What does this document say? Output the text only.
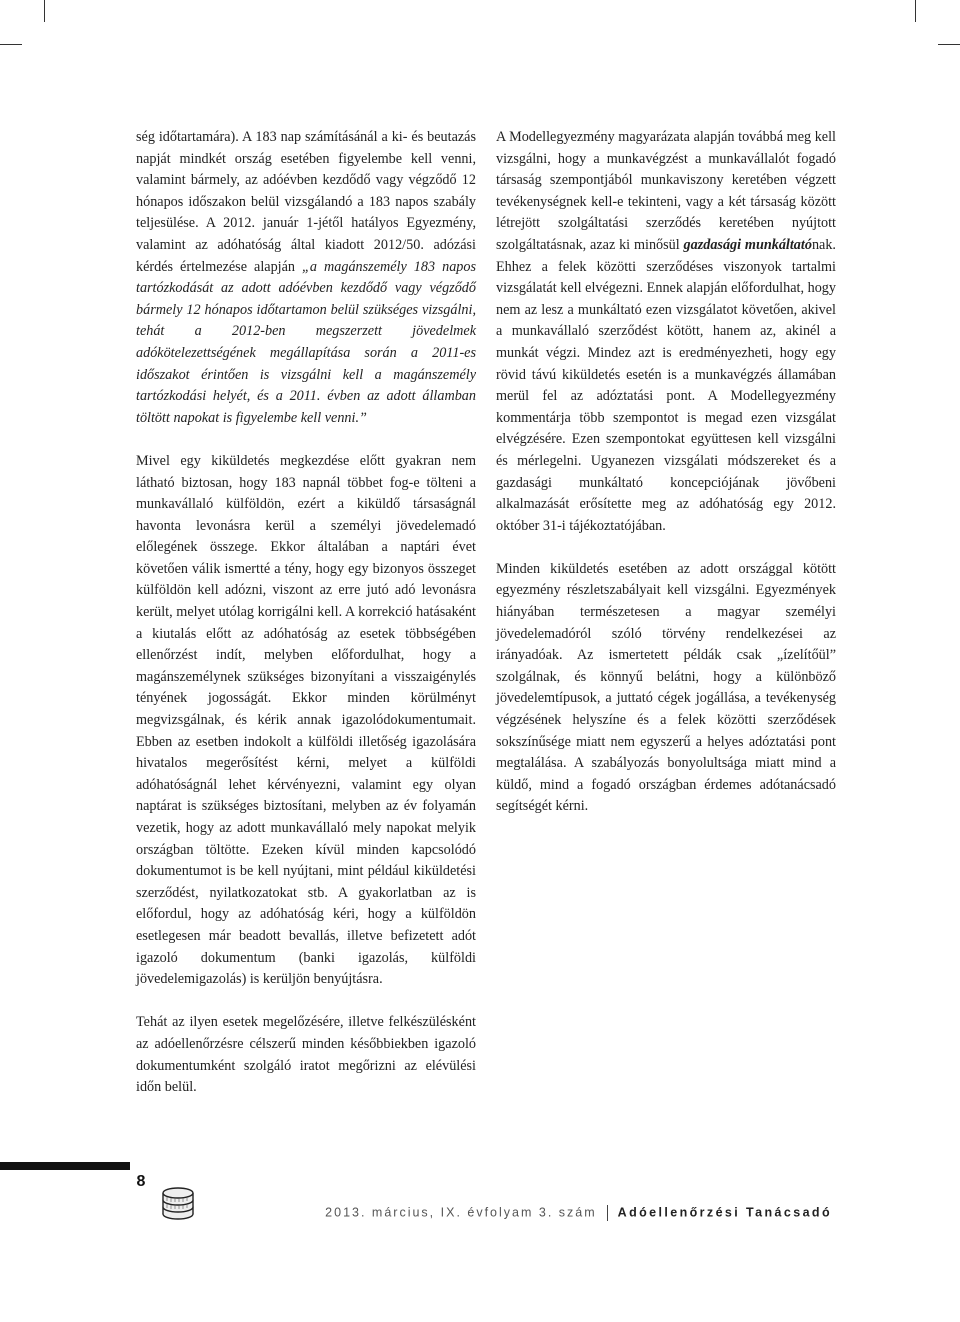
ség időtartamára). A 183 nap számításánál a ki- és beutazás napját mindkét ország esetében figyelembe kell venni, valamint bármely, az adóévben kezdődő vagy végződő 12 hónapos időszakon belül vizsgálandó a 183 napos szabály teljesülése. A 2012. január 1-jétől hatályos Egyezmény, valamint az adóhatóság által kiadott 2012/50. adózási kérdés értelmezése alapján „a magánszemély 183 napos tartózkodását az adott adóévben kezdődő vagy végződő bármely 12 hónapos időtartamon belül szükséges vizsgálni, tehát a 2012-ben megszerzett jövedelmek adókötelezettségének megállapítása során a 2011-es időszakot érintően is vizsgálni kell a magánszemély tartózkodási helyét, és a 2011. évben az adott államban töltött napokat is figyelembe kell venni.”

Mivel egy kiküldetés megkezdése előtt gyakran nem látható biztosan, hogy 183 napnál többet fog-e tölteni a munkavállaló külföldön, ezért a kiküldő társaságnál havonta levonásra kerül a személyi jövedelemadó előlegének összege. Ekkor általában a naptári évet követően válik ismertté a tény, hogy egy bizonyos összeget külföldön kell adózni, viszont az erre jutó adó levonásra került, melyet utólag korrigálni kell. A korrekció hatásaként a kiutalás előtt az adóhatóság az esetek többségében ellenőrzést indít, melyben előfordulhat, hogy a magánszemélynek szükséges bizonyítani a visszaigénylés tényének jogosságát. Ekkor minden körülményt megvizsgálnak, és kérik annak igazolódokumentumait. Ebben az esetben indokolt a külföldi illetőség igazolására hivatalos megerősítést kérni, melyet a külföldi adóhatóságnál lehet kérvényezni, valamint egy olyan naptárat is szükséges biztosítani, melyben az év folyamán vezetik, hogy az adott munkavállaló mely napokat melyik országban töltötte. Ezeken kívül minden kapcsolódó dokumentumot is be kell nyújtani, mint például kiküldetési szerződést, nyilatkozatokat stb. A gyakorlatban az is előfordul, hogy az adóhatóság kéri, hogy a külföldön esetlegesen már beadott bevallás, illetve befizetett adót igazoló dokumentum (banki igazolás, külföldi jövedelemigazolás) is kerüljön benyújtásra.

Tehát az ilyen esetek megelőzésére, illetve felkészülésként az adóellenőrzésre célszerű minden későbbiekben igazoló dokumentumként szolgáló iratot megőrizni az elévülési időn belül.

A Modellegyezmény magyarázata alapján továbbá meg kell vizsgálni, hogy a munkavégzést a munkavállalót fogadó társaság szempontjából munkaviszony keretében végzett tevékenységnek kell-e tekinteni, vagy a két társaság között létrejött szolgáltatási szerződés keretében nyújtott szolgáltatásnak, azaz ki minősül gazdasági munkáltatónak. Ehhez a felek közötti szerződéses viszonyok tartalmi vizsgálatát kell elvégezni. Ennek alapján előfordulhat, hogy nem az lesz a munkáltató ezen vizsgálatot követően, akivel a munkavállaló szerződést kötött, hanem az, akinél a munkát végzi. Mindez azt is eredményezheti, hogy egy rövid távú kiküldetés esetén is a munkavégzés államában merül fel az adóztatási pont. A Modellegyezmény kommentárja több szempontot is megad ezen vizsgálat elvégzésére. Ezen szempontokat együttesen kell vizsgálni és mérlegelni. Ugyanezen vizsgálati módszereket és a gazdasági munkáltató koncepciójának jövőbeni alkalmazását erősítette meg az adóhatóság egy 2012. október 31-i tájékoztatójában.

Minden kiküldetés esetében az adott országgal kötött egyezmény részletszabályait kell vizsgálni. Egyezmények hiányában természetesen a magyar személyi jövedelemadóról szóló törvény rendelkezései az irányadóak. Az ismertetett példák csak „ízelítőül” szolgálnak, és könnyű belátni, hogy a különböző jövedelemtípusok, a juttató cégek jogállása, a tevékenység végzésének helyszíne és a felek közötti szerződések sokszínűsége miatt nem egyszerű a helyes adóztatási pont megtalálása. A szabályozás bonyolultsága miatt mind a küldő, mind a fogadó országban érdemes adótanácsadó segítségét kérni.

8
2013. március, IX. évfolyam 3. szám Adóellenőrzési Tanácsadó
